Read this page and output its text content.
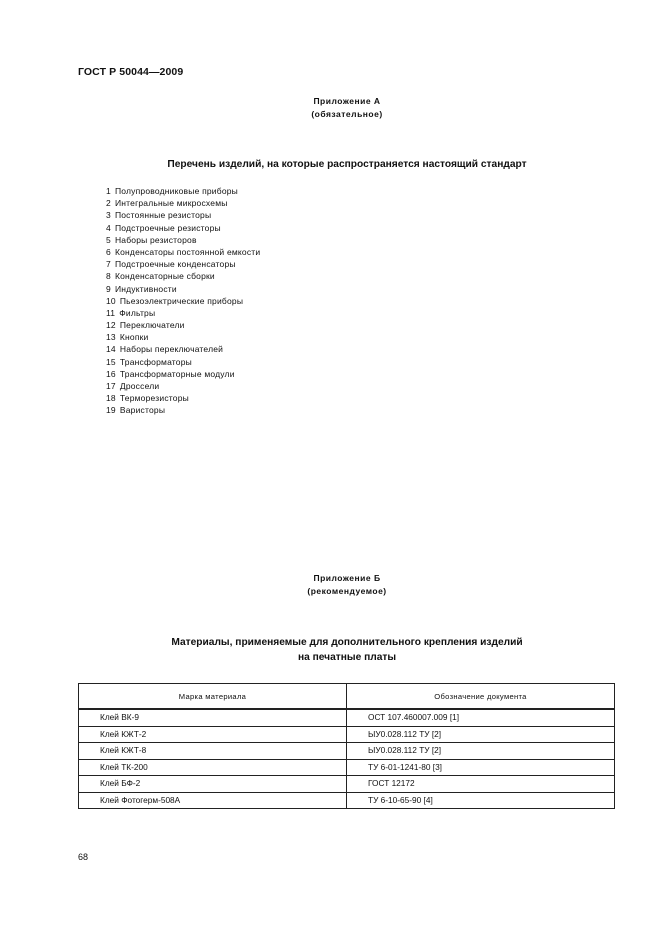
ГОСТ Р 50044—2009
Приложение А
(обязательное)
Перечень изделий, на которые распространяется настоящий стандарт
1 Полупроводниковые приборы
2 Интегральные микросхемы
3 Постоянные резисторы
4 Подстроечные резисторы
5 Наборы резисторов
6 Конденсаторы постоянной емкости
7 Подстроечные конденсаторы
8 Конденсаторные сборки
9 Индуктивности
10 Пьезоэлектрические приборы
11 Фильтры
12 Переключатели
13 Кнопки
14 Наборы переключателей
15 Трансформаторы
16 Трансформаторные модули
17 Дроссели
18 Терморезисторы
19 Варисторы
Приложение Б
(рекомендуемое)
Материалы, применяемые для дополнительного крепления изделий
на печатные платы
Марка материала	Обозначение документа
Клей ВК-9	ОСТ 107.460007.009 [1]
Клей КЖТ-2	ЫУ0.028.112 ТУ [2]
Клей КЖТ-8	ЫУ0.028.112 ТУ [2]
Клей ТК-200	ТУ 6-01-1241-80 [3]
Клей БФ-2	ГОСТ 12172
Клей Фотогерм-508А	ТУ 6-10-65-90 [4]
68
